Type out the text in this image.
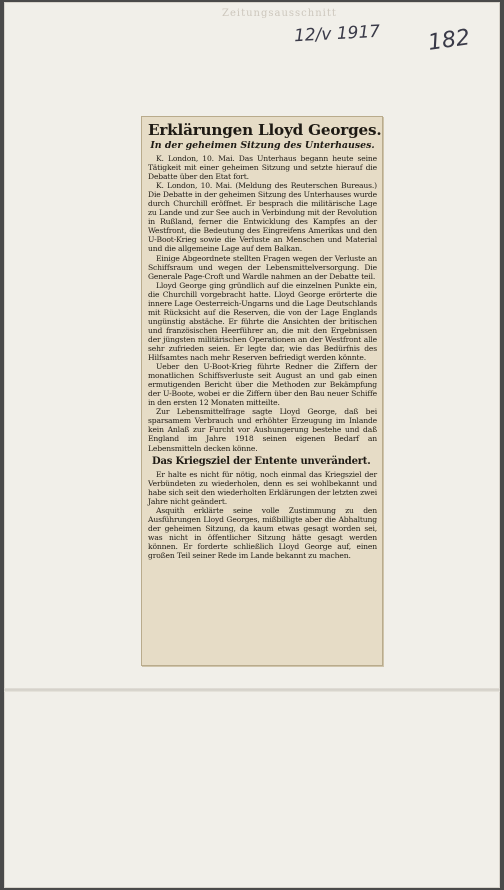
Zeitungsausschnitt
12/v 1917 182
Erklärungen Lloyd Georges.
In der geheimen Sitzung des Unterhauses.

K. London, 10. Mai. Das Unterhaus begann heute seine Tätigkeit mit einer geheimen Sitzung und setzte hierauf die Debatte über den Etat fort.

K. London, 10. Mai. (Meldung des Reuterschen Bureaus.) Die Debatte in der geheimen Sitzung des Unterhauses wurde durch Churchill eröffnet. Er besprach die militärische Lage zu Lande und zur See auch in Verbindung mit der Revolution in Rußland, ferner die Entwicklung des Kampfes an der Westfront, die Bedeutung des Eingreifens Amerikas und den U-Boot-Krieg sowie die Verluste an Menschen und Material und die allgemeine Lage auf dem Balkan.

Einige Abgeordnete stellten Fragen wegen der Verluste an Schiffsraum und wegen der Lebensmittelversorgung. Die Generale Page-Croft und Wardle nahmen an der Debatte teil.

Lloyd George ging gründlich auf die einzelnen Punkte ein, die Churchill vorgebracht hatte. Lloyd George erörterte die innere Lage Oesterreich-Ungarns und die Lage Deutschlands mit Rücksicht auf die Reserven, die von der Lage Englands ungünstig abstäche. Er führte die Ansichten der britischen und französischen Heerführer an, die mit den Ergebnissen der jüngsten militärischen Operationen an der Westfront alle sehr zufrieden seien. Er legte dar, wie das Bedürfnis des Hilfsamtes nach mehr Reserven befriedigt werden könnte.

Ueber den U-Boot-Krieg führte Redner die Ziffern der monatlichen Schiffsverluste seit August an und gab einen ermutigenden Bericht über die Methoden zur Bekämpfung der U-Boote, wobei er die Ziffern über den Bau neuer Schiffe in den ersten 12 Monaten mitteilte.

Zur Lebensmittelfrage sagte Lloyd George, daß bei sparsamem Verbrauch und erhöhter Erzeugung im Inlande kein Anlaß zur Furcht vor Aushungerung bestehe und daß England im Jahre 1918 seinen eigenen Bedarf an Lebensmitteln decken könne.

Das Kriegsziel der Entente unverändert.

Er halte es nicht für nötig, noch einmal das Kriegsziel der Verbündeten zu wiederholen, denn es sei wohlbekannt und habe sich seit den wiederholten Erklärungen der letzten zwei Jahre nicht geändert.

Asquith erklärte seine volle Zustimmung zu den Ausführungen Lloyd Georges, mißbilligte aber die Abhaltung der geheimen Sitzung, da kaum etwas gesagt worden sei, was nicht in öffentlicher Sitzung hätte gesagt werden können. Er forderte schließlich Lloyd George auf, einen großen Teil seiner Rede im Lande bekannt zu machen.
